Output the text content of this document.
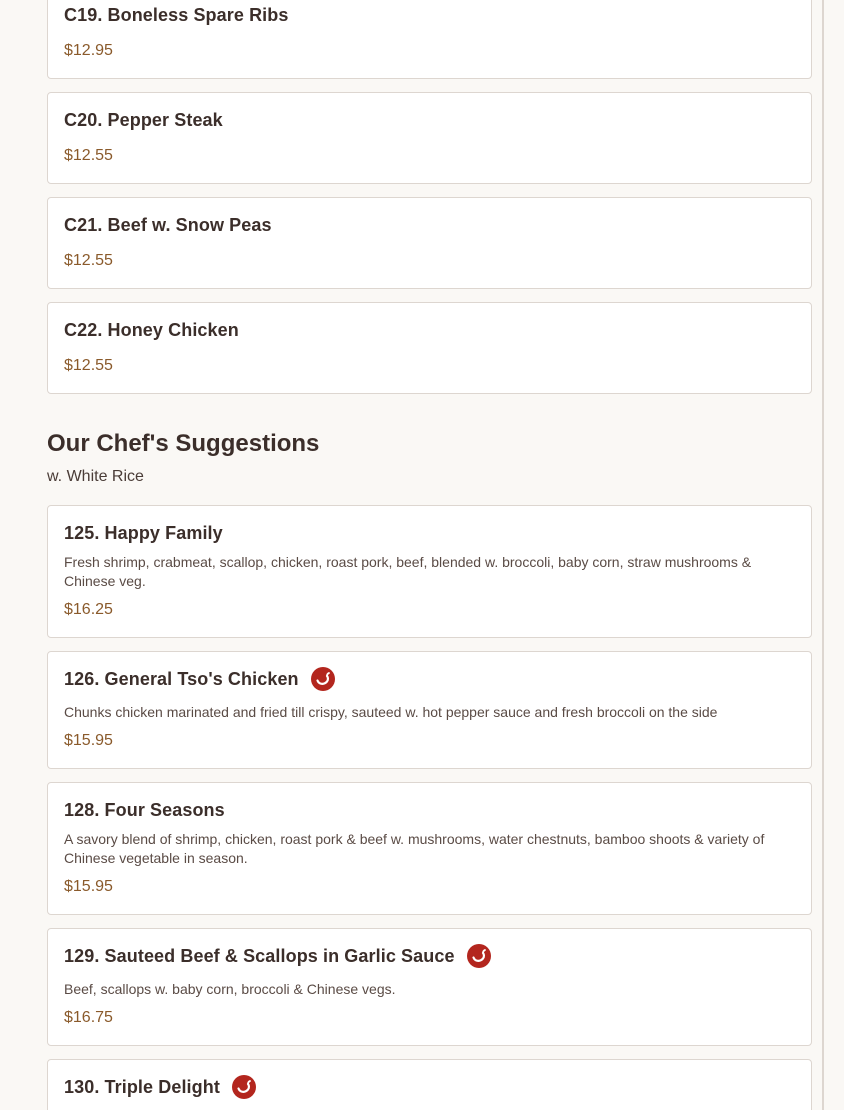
C19. Boneless Spare Ribs
$12.95
C20. Pepper Steak
$12.55
C21. Beef w. Snow Peas
$12.55
C22. Honey Chicken
$12.55
Our Chef's Suggestions
w. White Rice
125. Happy Family
Fresh shrimp, crabmeat, scallop, chicken, roast pork, beef, blended w. broccoli, baby corn, straw mushrooms & Chinese veg.
$16.25
126. General Tso's Chicken
Chunks chicken marinated and fried till crispy, sauteed w. hot pepper sauce and fresh broccoli on the side
$15.95
128. Four Seasons
A savory blend of shrimp, chicken, roast pork & beef w. mushrooms, water chestnuts, bamboo shoots & variety of Chinese vegetable in season.
$15.95
129. Sauteed Beef & Scallops in Garlic Sauce
Beef, scallops w. baby corn, broccoli & Chinese vegs.
$16.75
130. Triple Delight
